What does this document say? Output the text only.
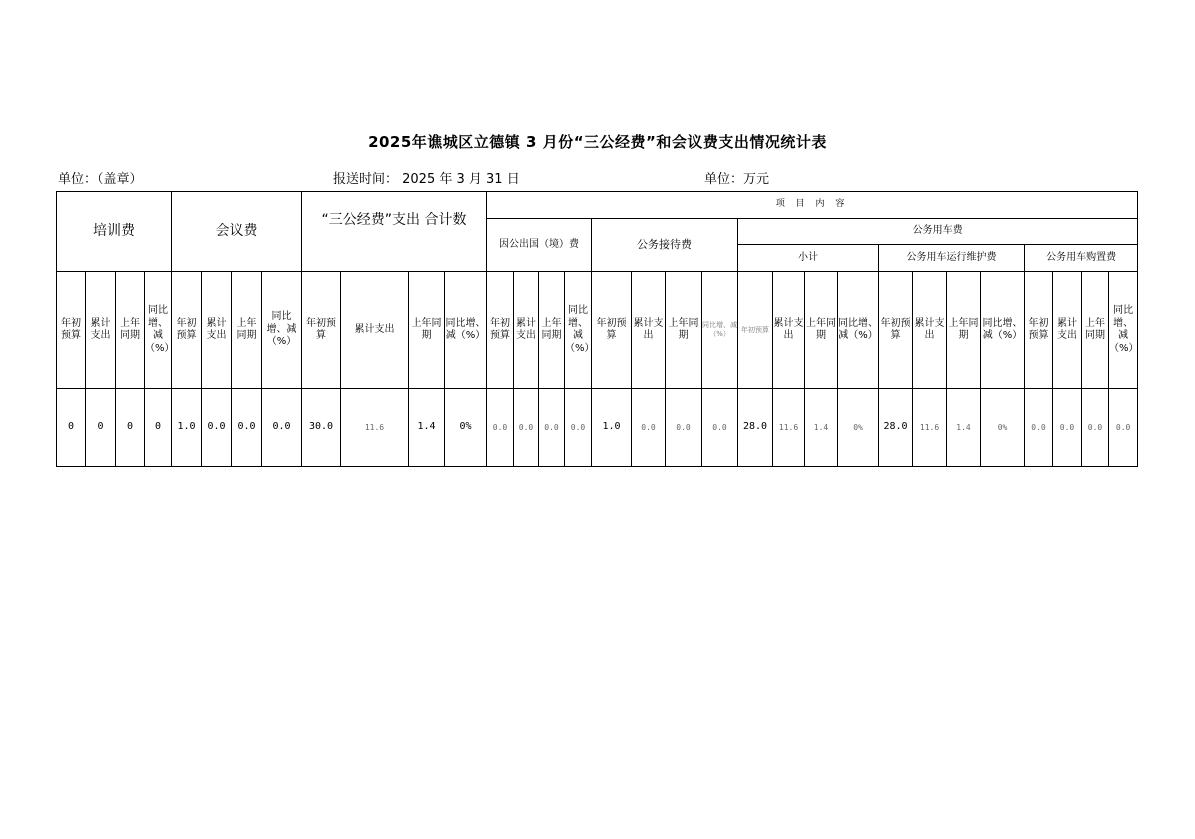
2025年谯城区立德镇 3 月份“三公经费”和会议费支出情况统计表
单位：（盖章）	报送时间： 2025 年 3 月 31 日	单位：万元
培训费				会议费				“三公经费”支出 合计数				项 目 内 容																			
												因公出国（境）费				公务接待费				公务用车费											
																				小计				公务用车运行维护费				公务用车购置费			
年初预算	累计支出	上年同期	同比增、减（%）	年初预算	累计支出	上年同期	同比增、减（%）	年初预算	累计支出	上年同期	同比增、减（%）	年初预算	累计支出	上年同期	同比增、减（%）	年初预算	累计支出	上年同期	同比增、减（%）	年初预算	累计支出	上年同期	同比增、减（%）	年初预算	累计支出	上年同期	同比增、减（%）	年初预算	累计支出	上年同期	同比增、减（%）
0	0	0	0	1.0	0.0	0.0	0.0	30.0	11.6	1.4	0%	0.0	0.0	0.0	0.0	1.0	0.0	0.0	0.0	28.0	11.6	1.4	0%	28.0	11.6	1.4	0%	0.0	0.0	0.0	0.0
